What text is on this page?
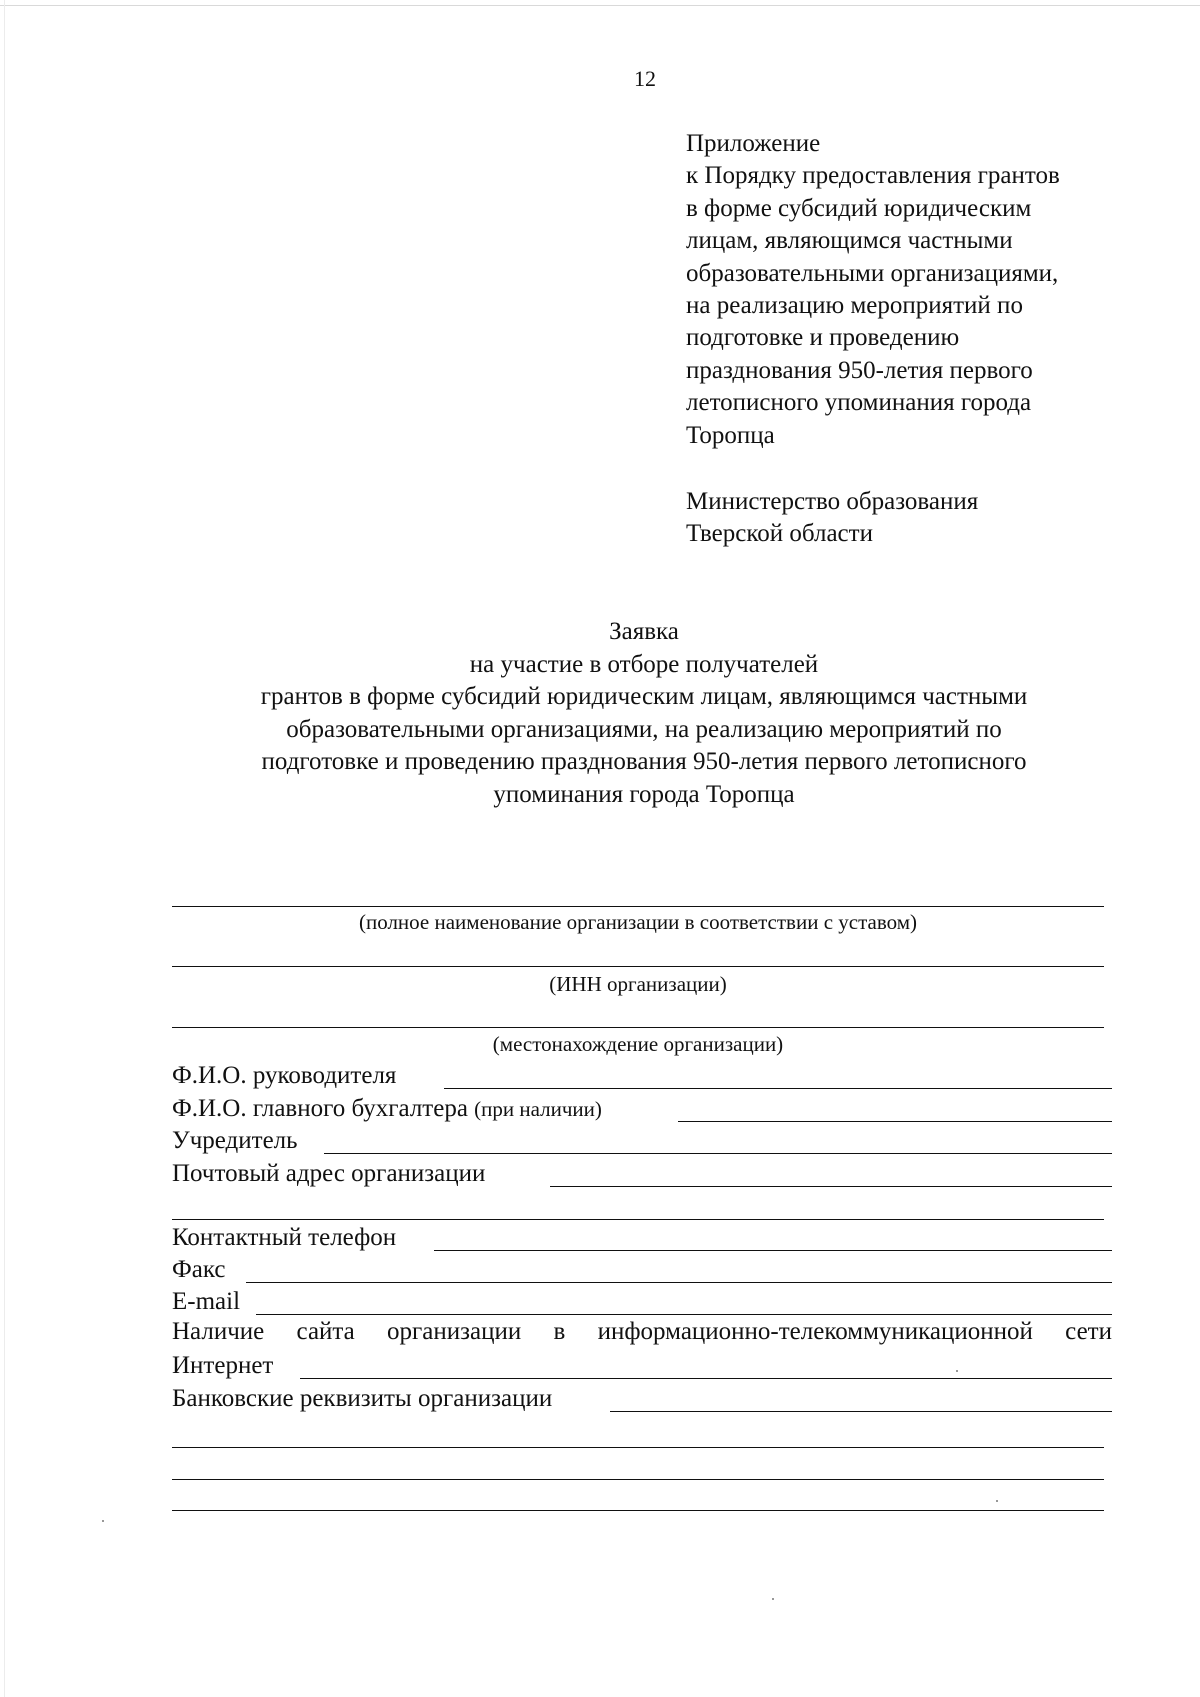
12
Приложение
к Порядку предоставления грантов
в форме субсидий юридическим
лицам, являющимся частными
образовательными организациями,
на реализацию мероприятий по
подготовке и проведению
празднования 950-летия первого
летописного упоминания города
Торопца
Министерство образования
Тверской области
Заявка
на участие в отборе получателей
грантов в форме субсидий юридическим лицам, являющимся частными
образовательными организациями, на реализацию мероприятий по
подготовке и проведению празднования 950-летия первого летописного
упоминания города Торопца
(полное наименование организации в соответствии с уставом)
(ИНН организации)
(местонахождение организации)
Ф.И.О. руководителя
Ф.И.О. главного бухгалтера (при наличии)
Учредитель
Почтовый адрес организации
Контактный телефон
Факс
E-mail
Наличие сайта организации в информационно-телекоммуникационной сети
Интернет
Банковские реквизиты организации
